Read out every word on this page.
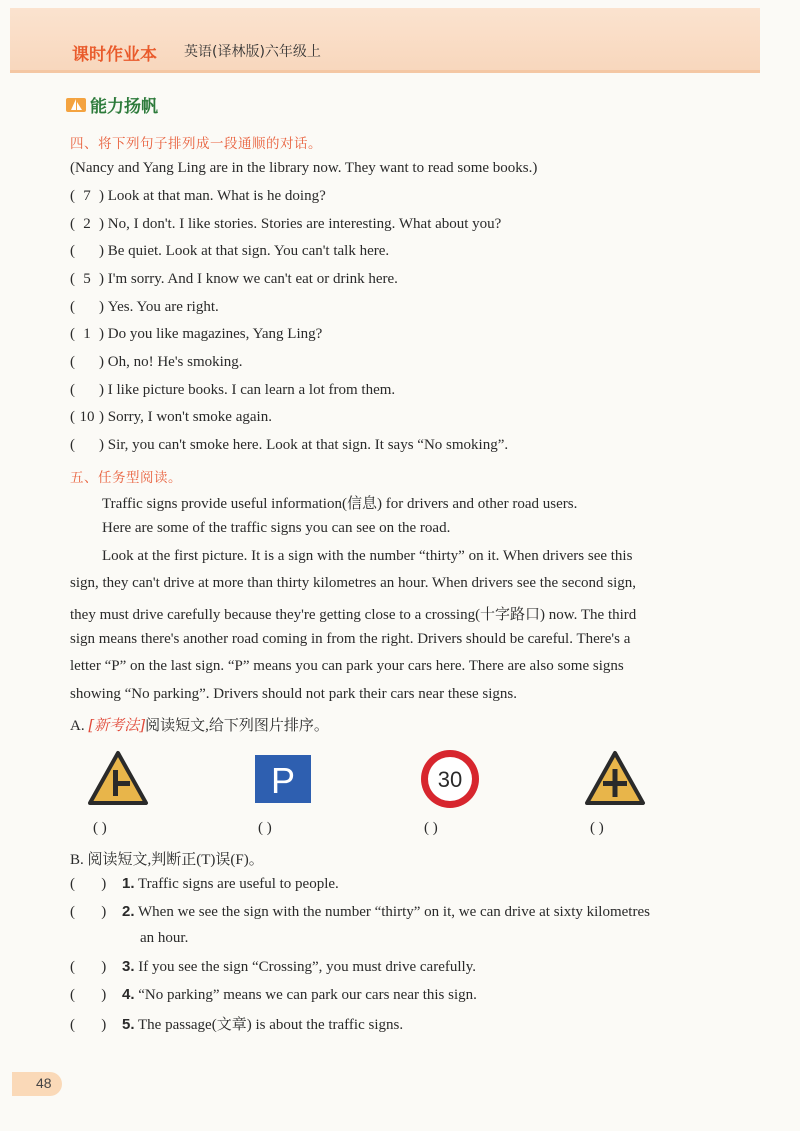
课时作业本 英语(译林版)六年级上
能力扬帆
四、将下列句子排列成一段通顺的对话。
(Nancy and Yang Ling are in the library now. They want to read some books.)
( 7 ) Look at that man. What is he doing?
( 2 ) No, I don't. I like stories. Stories are interesting. What about you?
( ) Be quiet. Look at that sign. You can't talk here.
( 5 ) I'm sorry. And I know we can't eat or drink here.
( ) Yes. You are right.
( 1 ) Do you like magazines, Yang Ling?
( ) Oh, no! He's smoking.
( ) I like picture books. I can learn a lot from them.
( 10 ) Sorry, I won't smoke again.
( ) Sir, you can't smoke here. Look at that sign. It says “No smoking”.
五、任务型阅读。
Traffic signs provide useful information(信息) for drivers and other road users.
Here are some of the traffic signs you can see on the road.
Look at the first picture. It is a sign with the number “thirty” on it. When drivers see this
sign, they can't drive at more than thirty kilometres an hour. When drivers see the second sign,
they must drive carefully because they're getting close to a crossing(十字路口) now. The third
sign means there's another road coming in from the right. Drivers should be careful. There's a
letter “P” on the last sign. “P” means you can park your cars here. There are also some signs
showing “No parking”. Drivers should not park their cars near these signs.
A. [新考法]阅读短文,给下列图片排序。
P	30
( )	( )	( )	( )
B. 阅读短文,判断正(T)误(F)。
(       ) 1. Traffic signs are useful to people.
(       ) 2. When we see the sign with the number “thirty” on it, we can drive at sixty kilometres
an hour.
(       ) 3. If you see the sign “Crossing”, you must drive carefully.
(       ) 4. “No parking” means we can park our cars near this sign.
(       ) 5. The passage(文章) is about the traffic signs.
48
